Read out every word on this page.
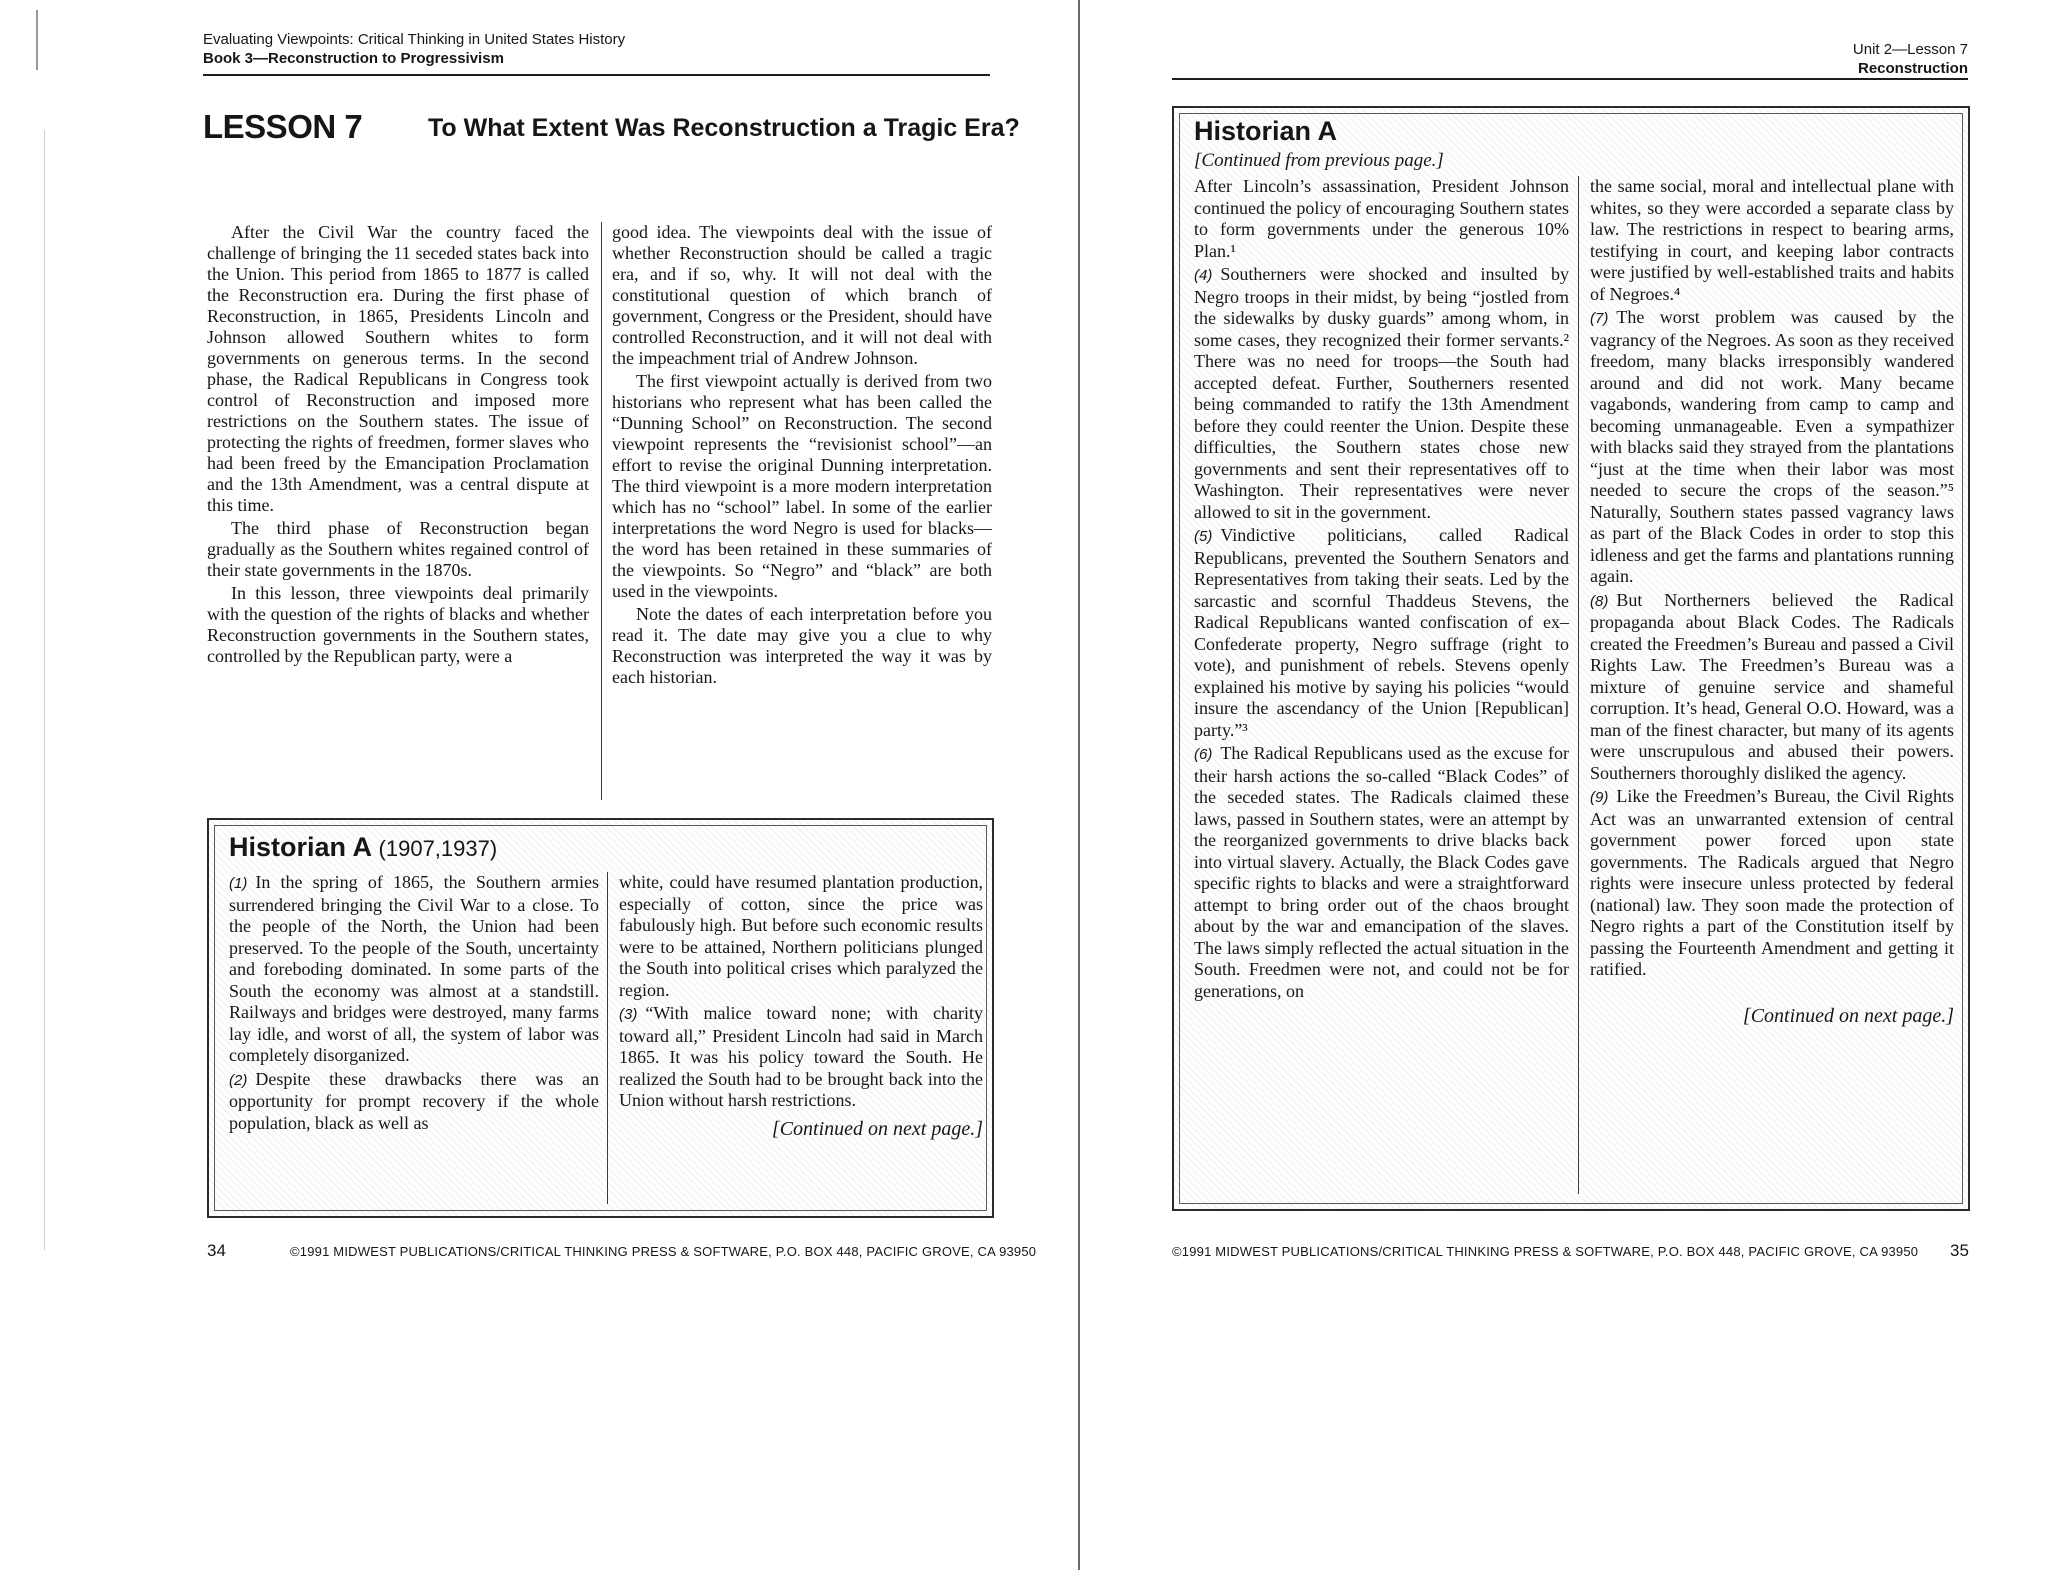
Evaluating Viewpoints: Critical Thinking in United States History
Book 3—Reconstruction to Progressivism
LESSON 7	To What Extent Was Reconstruction a Tragic Era?

After the Civil War the country faced the challenge of bringing the 11 seceded states back into the Union. This period from 1865 to 1877 is called the Reconstruction era. During the first phase of Reconstruction, in 1865, Presidents Lincoln and Johnson allowed Southern whites to form governments on generous terms. In the second phase, the Radical Republicans in Congress took control of Reconstruction and imposed more restrictions on the Southern states. The issue of protecting the rights of freedmen, former slaves who had been freed by the Emancipation Proclamation and the 13th Amendment, was a central dispute at this time.

The third phase of Reconstruction began gradually as the Southern whites regained control of their state governments in the 1870s.

In this lesson, three viewpoints deal primarily with the question of the rights of blacks and whether Reconstruction governments in the Southern states, controlled by the Republican party, were a

good idea. The viewpoints deal with the issue of whether Reconstruction should be called a tragic era, and if so, why. It will not deal with the constitutional question of which branch of government, Congress or the President, should have controlled Reconstruction, and it will not deal with the impeachment trial of Andrew Johnson.

The first viewpoint actually is derived from two historians who represent what has been called the “Dunning School” on Reconstruction. The second viewpoint represents the “revisionist school”—an effort to revise the original Dunning interpretation. The third viewpoint is a more modern interpretation which has no “school” label. In some of the earlier interpretations the word Negro is used for blacks—the word has been retained in these summaries of the viewpoints. So “Negro” and “black” are both used in the viewpoints.

Note the dates of each interpretation before you read it. The date may give you a clue to why Reconstruction was interpreted the way it was by each historian.

Historian A (1907,1937)

(1) In the spring of 1865, the Southern armies surrendered bringing the Civil War to a close. To the people of the North, the Union had been preserved. To the people of the South, uncertainty and foreboding dominated. In some parts of the South the economy was almost at a standstill. Railways and bridges were destroyed, many farms lay idle, and worst of all, the system of labor was completely disorganized.

(2) Despite these drawbacks there was an opportunity for prompt recovery if the whole population, black as well as

white, could have resumed plantation production, especially of cotton, since the price was fabulously high. But before such economic results were to be attained, Northern politicians plunged the South into political crises which paralyzed the region.

(3) “With malice toward none; with charity toward all,” President Lincoln had said in March 1865. It was his policy toward the South. He realized the South had to be brought back into the Union without harsh restrictions.

[Continued on next page.]
34	©1991 MIDWEST PUBLICATIONS/CRITICAL THINKING PRESS & SOFTWARE, P.O. BOX 448, PACIFIC GROVE, CA 93950
Unit 2—Lesson 7
Reconstruction
Historian A
[Continued from previous page.]

After Lincoln’s assassination, President Johnson continued the policy of encouraging Southern states to form governments under the generous 10% Plan.¹

(4) Southerners were shocked and insulted by Negro troops in their midst, by being “jostled from the sidewalks by dusky guards” among whom, in some cases, they recognized their former servants.² There was no need for troops—the South had accepted defeat. Further, Southerners resented being commanded to ratify the 13th Amendment before they could reenter the Union. Despite these difficulties, the Southern states chose new governments and sent their representatives off to Washington. Their representatives were never allowed to sit in the government.

(5) Vindictive politicians, called Radical Republicans, prevented the Southern Senators and Representatives from taking their seats. Led by the sarcastic and scornful Thaddeus Stevens, the Radical Republicans wanted confiscation of ex–Confederate property, Negro suffrage (right to vote), and punishment of rebels. Stevens openly explained his motive by saying his policies “would insure the ascendancy of the Union [Republican] party.”³

(6) The Radical Republicans used as the excuse for their harsh actions the so-called “Black Codes” of the seceded states. The Radicals claimed these laws, passed in Southern states, were an attempt by the reorganized governments to drive blacks back into virtual slavery. Actually, the Black Codes gave specific rights to blacks and were a straightforward attempt to bring order out of the chaos brought about by the war and emancipation of the slaves. The laws simply reflected the actual situation in the South. Freedmen were not, and could not be for generations, on

the same social, moral and intellectual plane with whites, so they were accorded a separate class by law. The restrictions in respect to bearing arms, testifying in court, and keeping labor contracts were justified by well-established traits and habits of Negroes.⁴

(7) The worst problem was caused by the vagrancy of the Negroes. As soon as they received freedom, many blacks irresponsibly wandered around and did not work. Many became vagabonds, wandering from camp to camp and becoming unmanageable. Even a sympathizer with blacks said they strayed from the plantations “just at the time when their labor was most needed to secure the crops of the season.”⁵ Naturally, Southern states passed vagrancy laws as part of the Black Codes in order to stop this idleness and get the farms and plantations running again.

(8) But Northerners believed the Radical propaganda about Black Codes. The Radicals created the Freedmen’s Bureau and passed a Civil Rights Law. The Freedmen’s Bureau was a mixture of genuine service and shameful corruption. It’s head, General O.O. Howard, was a man of the finest character, but many of its agents were unscrupulous and abused their powers. Southerners thoroughly disliked the agency.

(9) Like the Freedmen’s Bureau, the Civil Rights Act was an unwarranted extension of central government power forced upon state governments. The Radicals argued that Negro rights were insecure unless protected by federal (national) law. They soon made the protection of Negro rights a part of the Constitution itself by passing the Fourteenth Amendment and getting it ratified.

[Continued on next page.]
©1991 MIDWEST PUBLICATIONS/CRITICAL THINKING PRESS & SOFTWARE, P.O. BOX 448, PACIFIC GROVE, CA 93950 35
